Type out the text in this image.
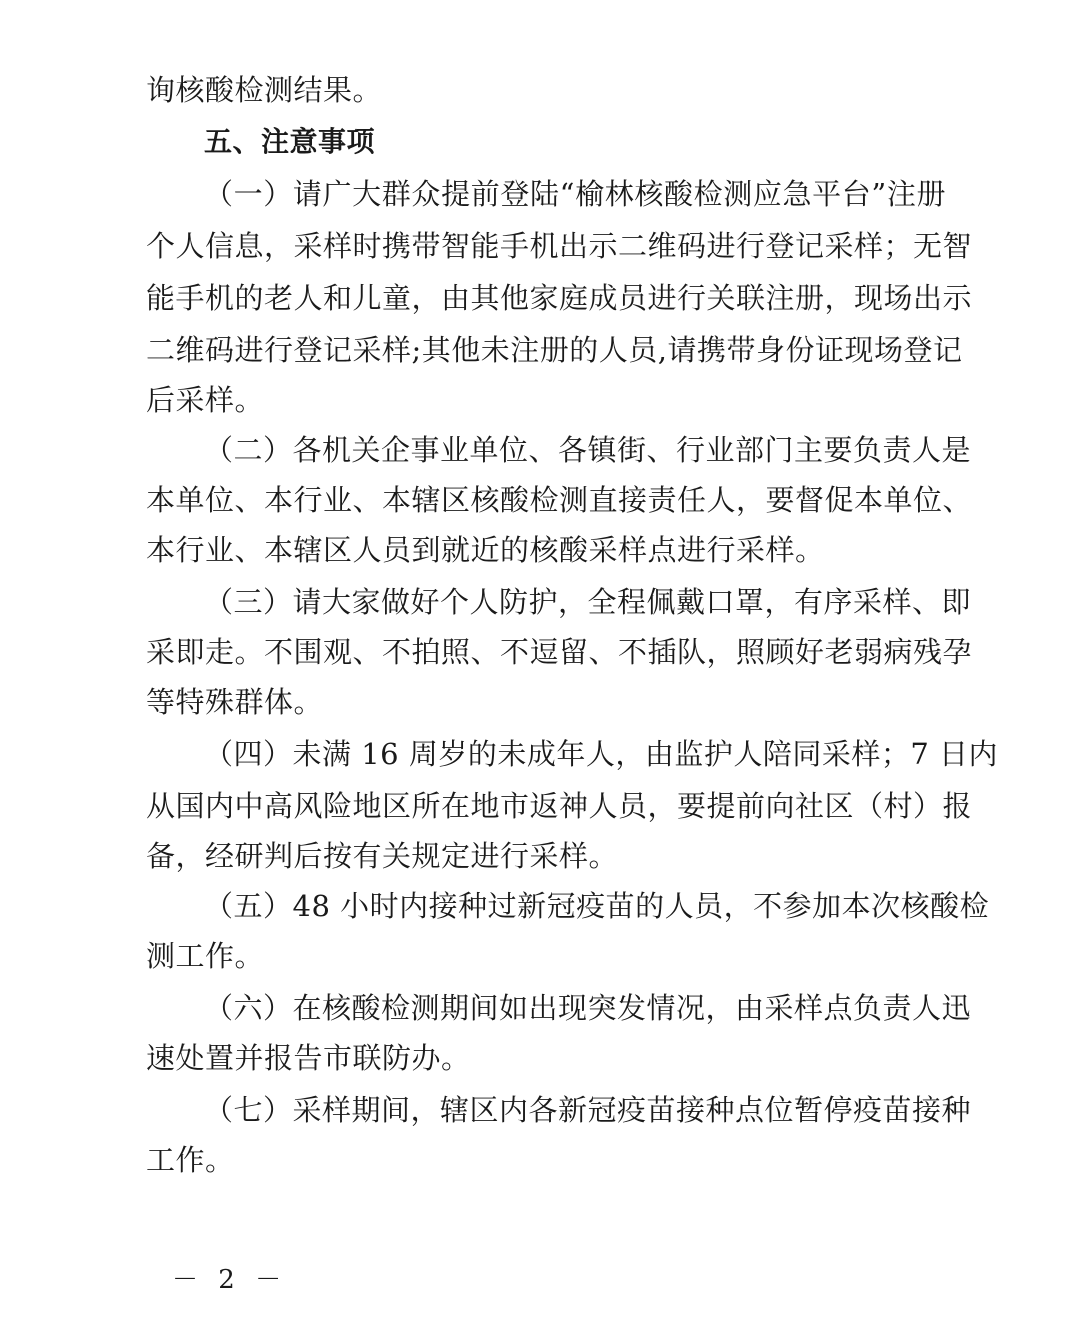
询核酸检测结果。
五、注意事项
（一）请广大群众提前登陆“榆林核酸检测应急平台”注册
个人信息，采样时携带智能手机出示二维码进行登记采样；无智
能手机的老人和儿童，由其他家庭成员进行关联注册，现场出示
二维码进行登记采样;其他未注册的人员,请携带身份证现场登记
后采样。
（二）各机关企事业单位、各镇街、行业部门主要负责人是
本单位、本行业、本辖区核酸检测直接责任人，要督促本单位、
本行业、本辖区人员到就近的核酸采样点进行采样。
（三）请大家做好个人防护，全程佩戴口罩，有序采样、即
采即走。不围观、不拍照、不逗留、不插队，照顾好老弱病残孕
等特殊群体。
（四）未满 16 周岁的未成年人，由监护人陪同采样；7 日内
从国内中高风险地区所在地市返神人员，要提前向社区（村）报
备，经研判后按有关规定进行采样。
（五）48 小时内接种过新冠疫苗的人员，不参加本次核酸检
测工作。
（六）在核酸检测期间如出现突发情况，由采样点负责人迅
速处置并报告市联防办。
（七）采样期间，辖区内各新冠疫苗接种点位暂停疫苗接种
工作。
－ 2 －
